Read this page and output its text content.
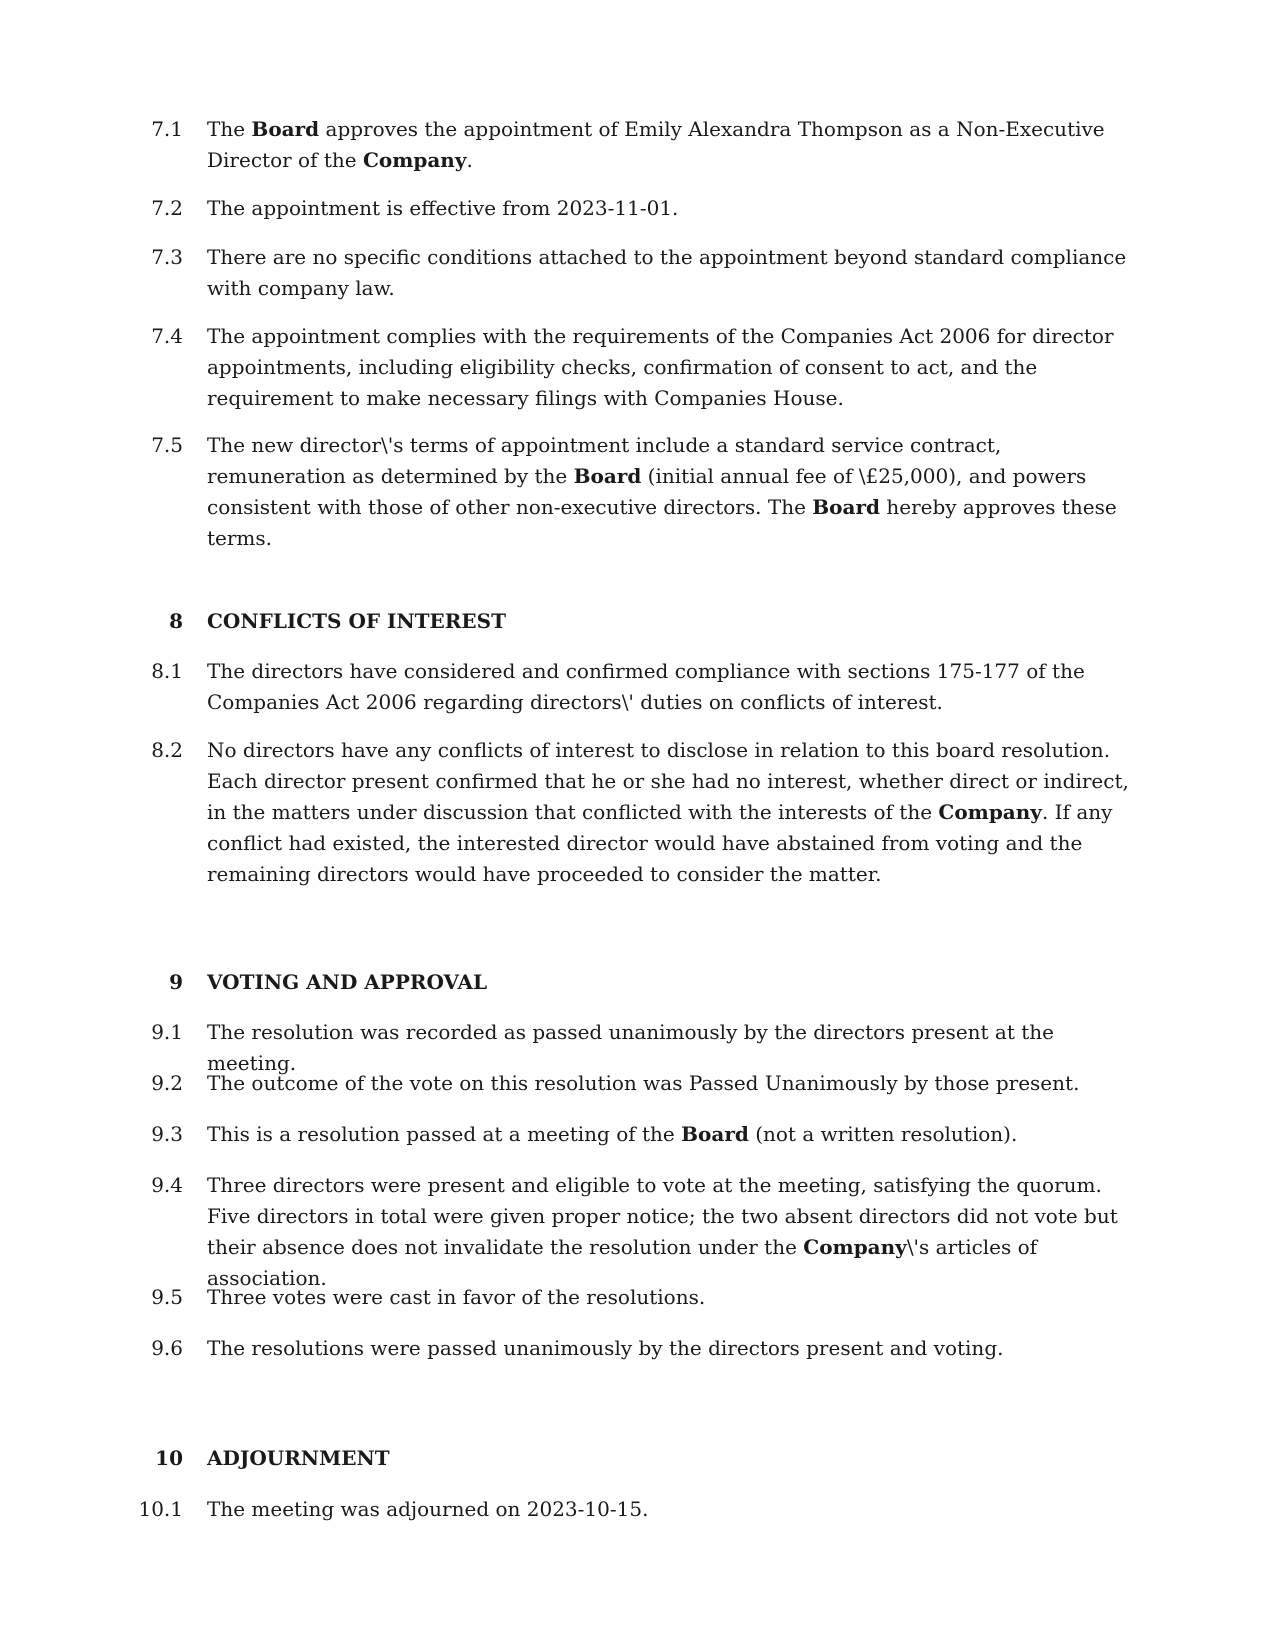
7.1 The Board approves the appointment of Emily Alexandra Thompson as a Non-Executive Director of the Company.
7.2 The appointment is effective from 2023-11-01.
7.3 There are no specific conditions attached to the appointment beyond standard compliance with company law.
7.4 The appointment complies with the requirements of the Companies Act 2006 for director appointments, including eligibility checks, confirmation of consent to act, and the requirement to make necessary filings with Companies House.
7.5 The new director\'s terms of appointment include a standard service contract, remuneration as determined by the Board (initial annual fee of \£25,000), and powers consistent with those of other non-executive directors. The Board hereby approves these terms.
8 CONFLICTS OF INTEREST
8.1 The directors have considered and confirmed compliance with sections 175-177 of the Companies Act 2006 regarding directors\' duties on conflicts of interest.
8.2 No directors have any conflicts of interest to disclose in relation to this board resolution. Each director present confirmed that he or she had no interest, whether direct or indirect, in the matters under discussion that conflicted with the interests of the Company. If any conflict had existed, the interested director would have abstained from voting and the remaining directors would have proceeded to consider the matter.
9 VOTING AND APPROVAL
9.1 The resolution was recorded as passed unanimously by the directors present at the meeting.
9.2 The outcome of the vote on this resolution was Passed Unanimously by those present.
9.3 This is a resolution passed at a meeting of the Board (not a written resolution).
9.4 Three directors were present and eligible to vote at the meeting, satisfying the quorum. Five directors in total were given proper notice; the two absent directors did not vote but their absence does not invalidate the resolution under the Company\'s articles of association.
9.5 Three votes were cast in favor of the resolutions.
9.6 The resolutions were passed unanimously by the directors present and voting.
10 ADJOURNMENT
10.1 The meeting was adjourned on 2023-10-15.
